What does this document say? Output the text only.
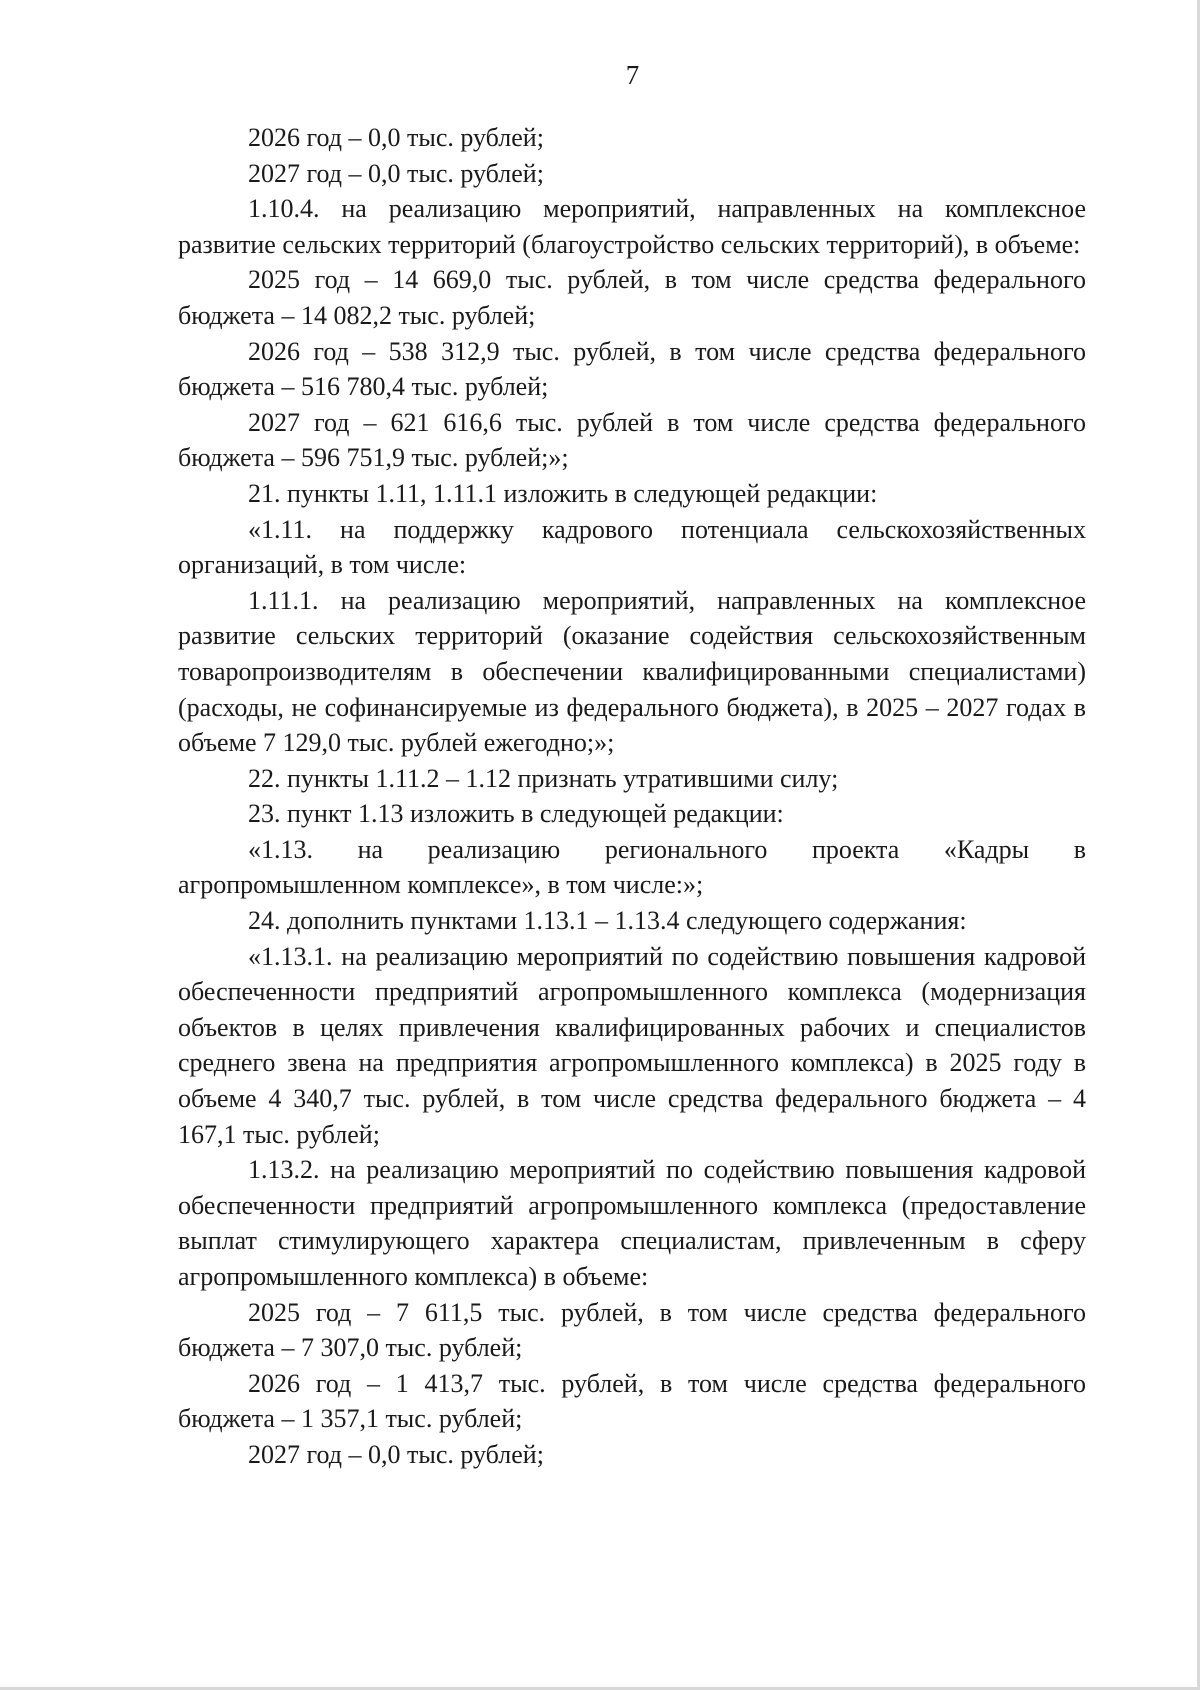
7

2026 год – 0,0 тыс. рублей;

2027 год – 0,0 тыс. рублей;

1.10.4. на реализацию мероприятий, направленных на комплексное развитие сельских территорий (благоустройство сельских территорий), в объеме:

2025 год – 14 669,0 тыс. рублей, в том числе средства федерального бюджета – 14 082,2 тыс. рублей;

2026 год – 538 312,9 тыс. рублей, в том числе средства федерального бюджета – 516 780,4 тыс. рублей;

2027 год – 621 616,6 тыс. рублей в том числе средства федерального бюджета – 596 751,9 тыс. рублей;»;

21. пункты 1.11, 1.11.1 изложить в следующей редакции:

«1.11. на поддержку кадрового потенциала сельскохозяйственных организаций, в том числе:

1.11.1. на реализацию мероприятий, направленных на комплексное развитие сельских территорий (оказание содействия сельскохозяйственным товаропроизводителям в обеспечении квалифицированными специалистами) (расходы, не софинансируемые из федерального бюджета), в 2025 – 2027 годах в объеме 7 129,0 тыс. рублей ежегодно;»;

22. пункты 1.11.2 – 1.12 признать утратившими силу;

23. пункт 1.13 изложить в следующей редакции:

«1.13. на реализацию регионального проекта «Кадры в агропромышленном комплексе», в том числе:»;

24. дополнить пунктами 1.13.1 – 1.13.4 следующего содержания:

«1.13.1. на реализацию мероприятий по содействию повышения кадровой обеспеченности предприятий агропромышленного комплекса (модернизация объектов в целях привлечения квалифицированных рабочих и специалистов среднего звена на предприятия агропромышленного комплекса) в 2025 году в объеме 4 340,7 тыс. рублей, в том числе средства федерального бюджета – 4 167,1 тыс. рублей;

1.13.2. на реализацию мероприятий по содействию повышения кадровой обеспеченности предприятий агропромышленного комплекса (предоставление выплат стимулирующего характера специалистам, привлеченным в сферу агропромышленного комплекса) в объеме:

2025 год – 7 611,5 тыс. рублей, в том числе средства федерального бюджета – 7 307,0 тыс. рублей;

2026 год – 1 413,7 тыс. рублей, в том числе средства федерального бюджета – 1 357,1 тыс. рублей;

2027 год – 0,0 тыс. рублей;
